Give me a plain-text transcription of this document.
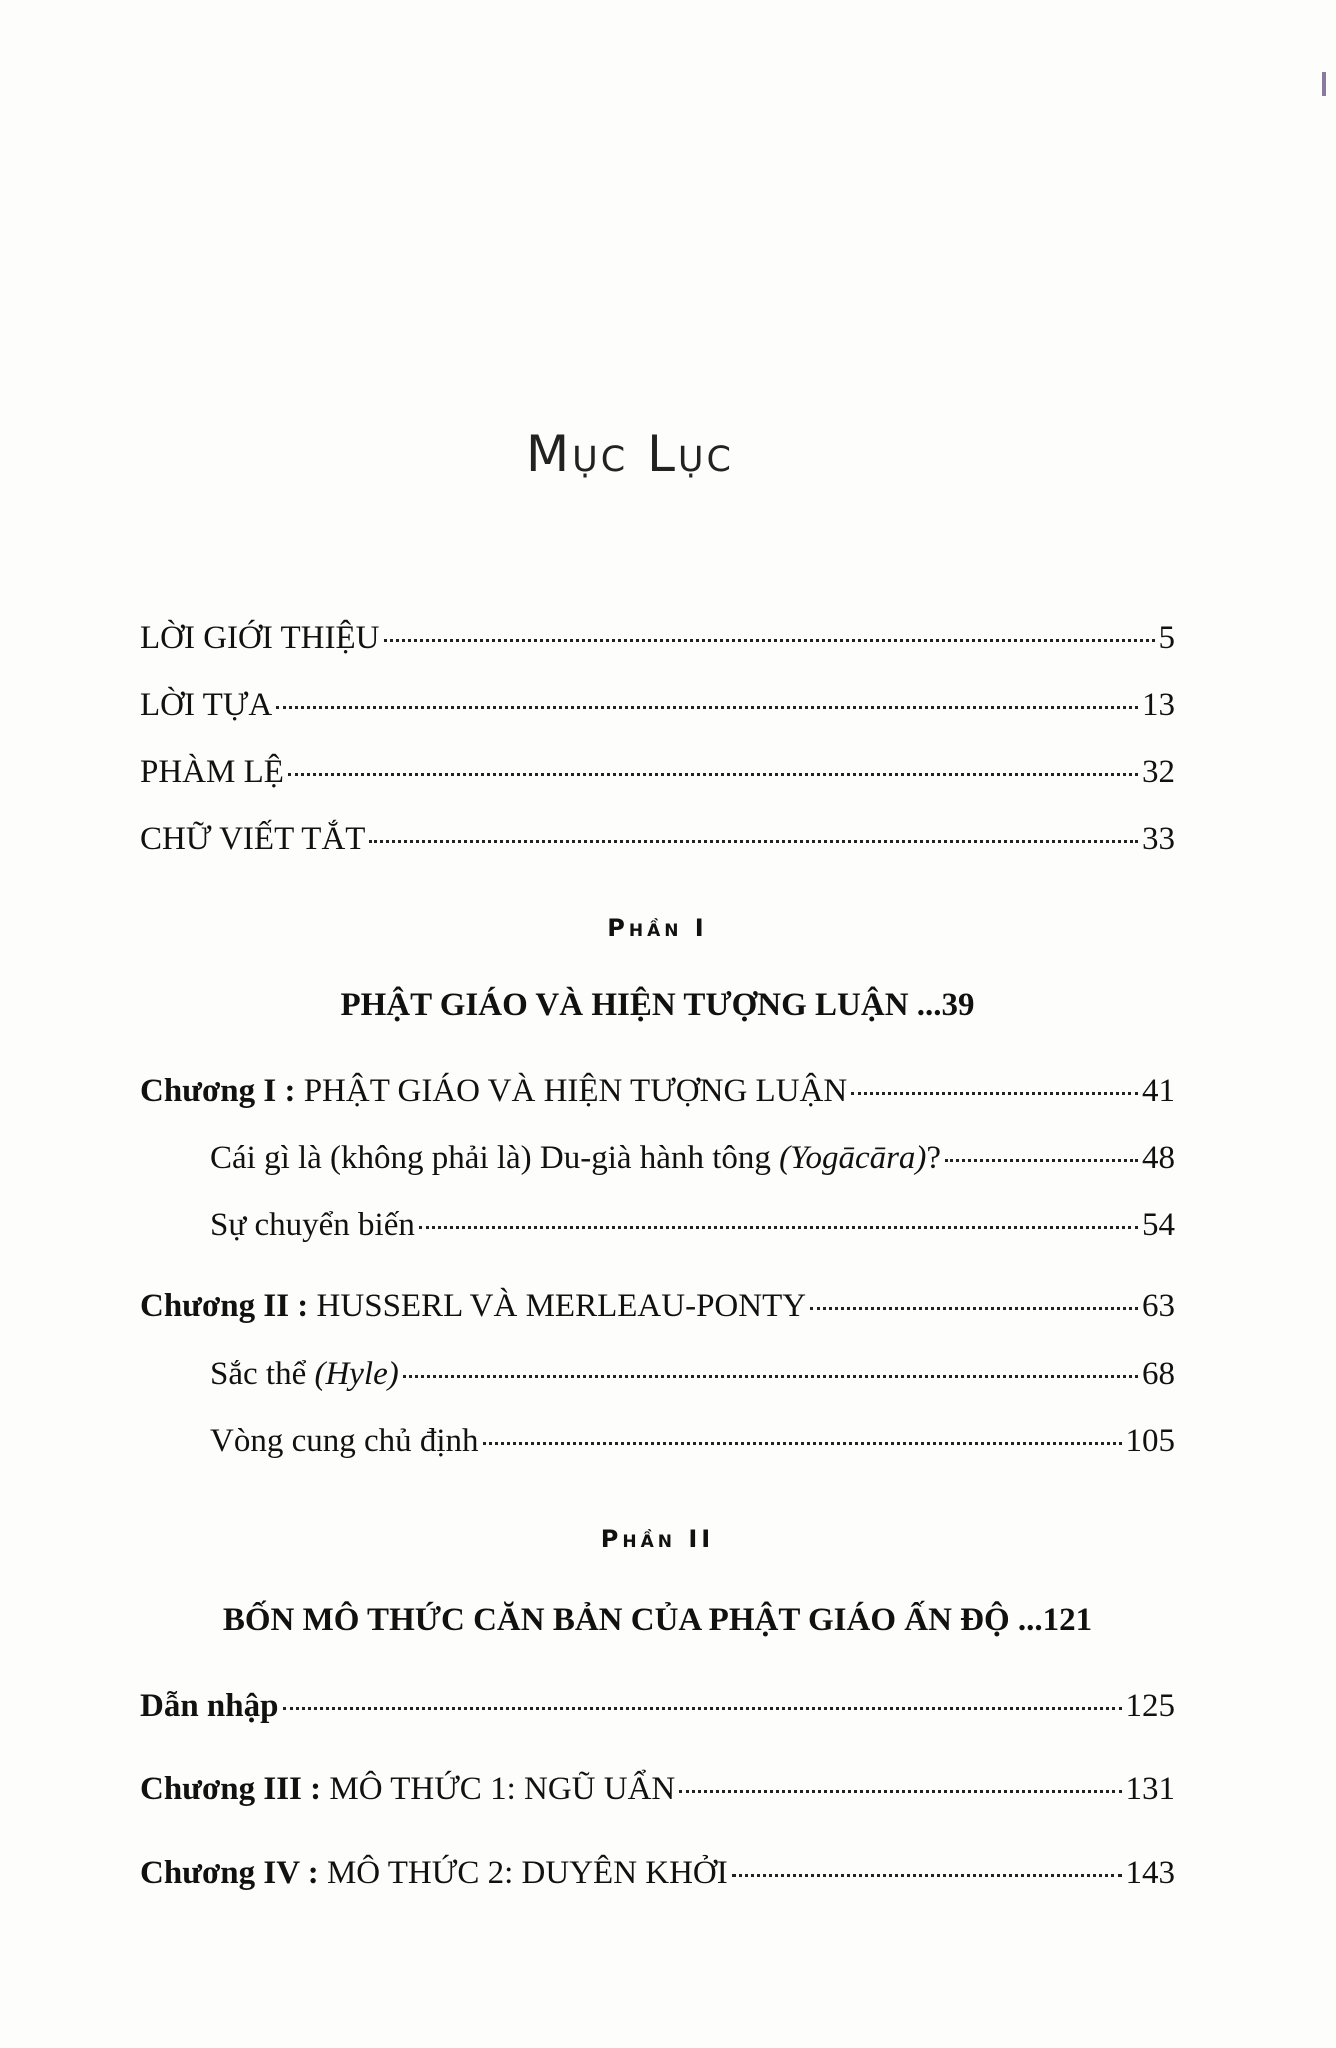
Mục Lục
LỜI GIỚI THIỆU	5
LỜI TỰA	13
PHÀM LỆ	32
CHỮ VIẾT TẮT	33
Chương I : PHẬT GIÁO VÀ HIỆN TƯỢNG LUẬN	41
Cái gì là (không phải là) Du-già hành tông (Yogācāra)?	48
Sự chuyển biến	54
Chương II : HUSSERL VÀ MERLEAU-PONTY	63
Sắc thể (Hyle)	68
Vòng cung chủ định	105
Dẫn nhập	125
Chương III : MÔ THỨC 1: NGŨ UẨN	131
Chương IV : MÔ THỨC 2: DUYÊN KHỞI	143
Phần I
PHẬT GIÁO VÀ HIỆN TƯỢNG LUẬN ...39
Phần II
BỐN MÔ THỨC CĂN BẢN CỦA PHẬT GIÁO ẤN ĐỘ ...121
